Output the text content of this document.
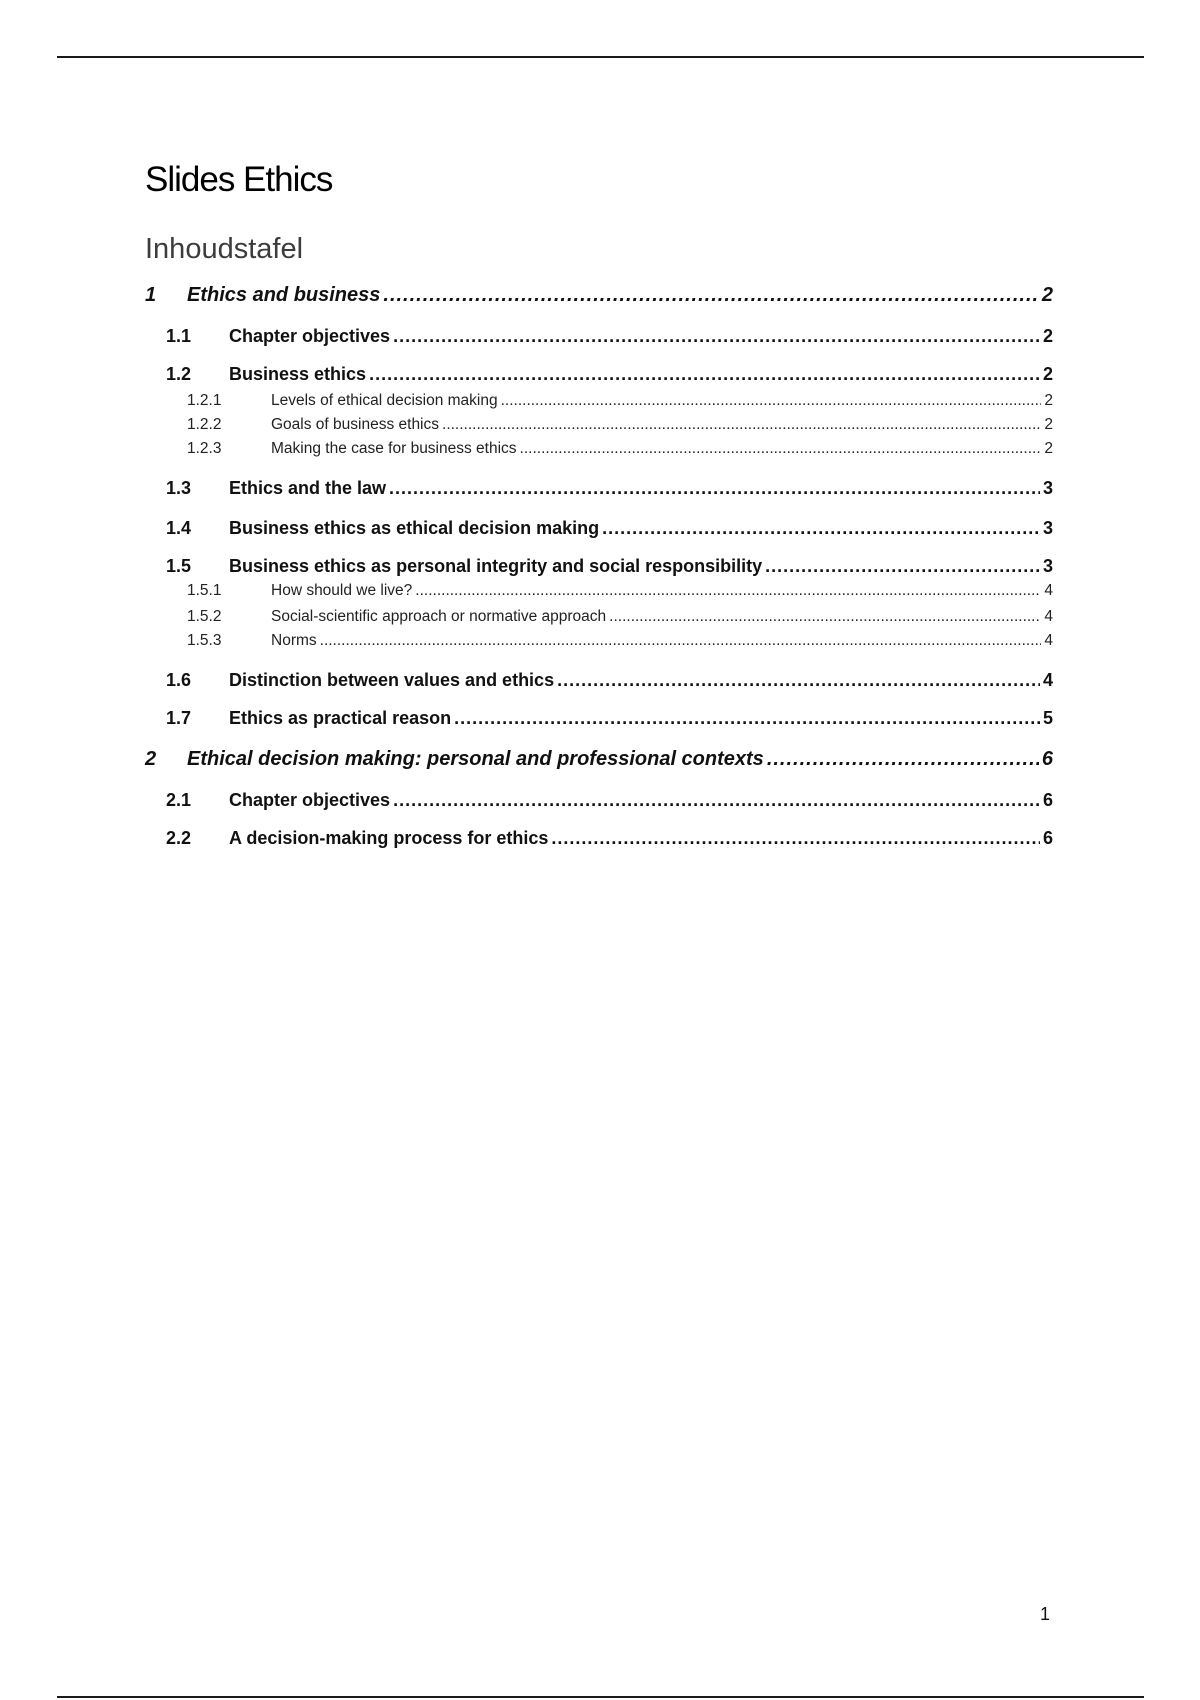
Slides Ethics
Inhoudstafel
1	Ethics and business .....	2
1.1	Chapter objectives .....	2
1.2	Business ethics .....	2
1.2.1	Levels of ethical decision making .....	2
1.2.2	Goals of business ethics .....	2
1.2.3	Making the case for business ethics .....	2
1.3	Ethics and the law .....	3
1.4	Business ethics as ethical decision making .....	3
1.5	Business ethics as personal integrity and social responsibility .....	3
1.5.1	How should we live? .....	4
1.5.2	Social-scientific approach or normative approach .....	4
1.5.3	Norms .....	4
1.6	Distinction between values and ethics .....	4
1.7	Ethics as practical reason .....	5
2	Ethical decision making: personal and professional contexts .....	6
2.1	Chapter objectives .....	6
2.2	A decision-making process for ethics .....	6
1
